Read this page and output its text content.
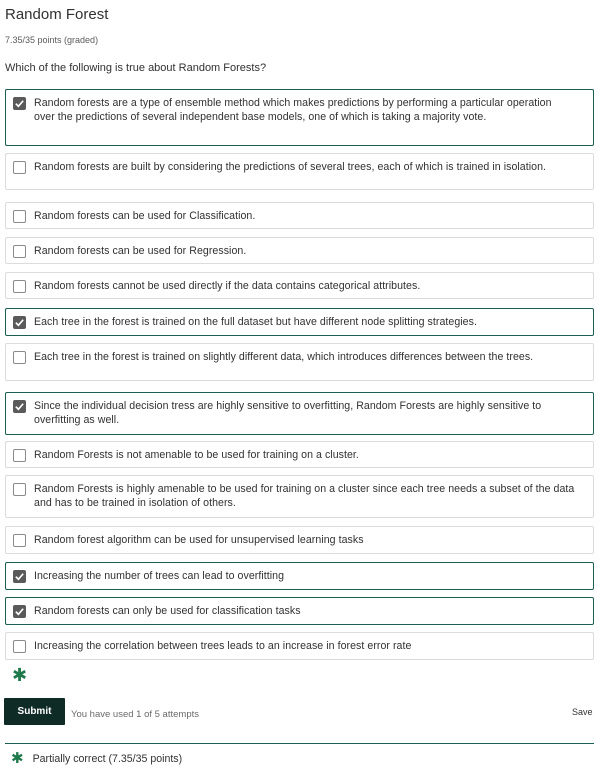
Random Forest
7.35/35 points (graded)
Which of the following is true about Random Forests?
Random forests are a type of ensemble method which makes predictions by performing a particular operation over the predictions of several independent base models, one of which is taking a majority vote.
Random forests are built by considering the predictions of several trees, each of which is trained in isolation.
Random forests can be used for Classification.
Random forests can be used for Regression.
Random forests cannot be used directly if the data contains categorical attributes.
Each tree in the forest is trained on the full dataset but have different node splitting strategies.
Each tree in the forest is trained on slightly different data, which introduces differences between the trees.
Since the individual decision tress are highly sensitive to overfitting, Random Forests are highly sensitive to overfitting as well.
Random Forests is not amenable to be used for training on a cluster.
Random Forests is highly amenable to be used for training on a cluster since each tree needs a subset of the data and has to be trained in isolation of others.
Random forest algorithm can be used for unsupervised learning tasks
Increasing the number of trees can lead to overfitting
Random forests can only be used for classification tasks
Increasing the correlation between trees leads to an increase in forest error rate
✱
Submit	You have used 1 of 5 attempts	Save
✱ Partially correct (7.35/35 points)
